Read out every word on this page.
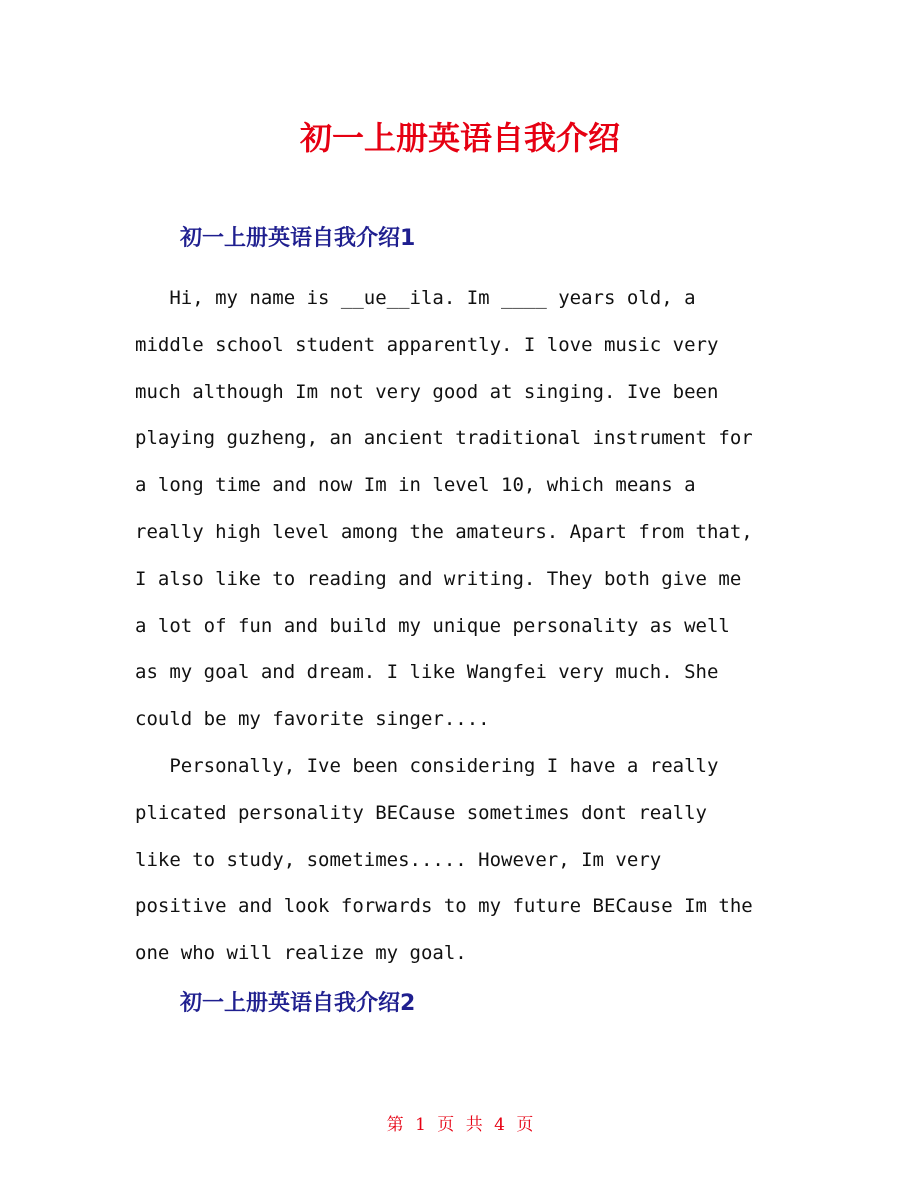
初一上册英语自我介绍
初一上册英语自我介绍1
Hi, my name is __ue__ila. Im ____ years old, a
middle school student apparently. I love music very
much although Im not very good at singing. Ive been
playing guzheng, an ancient traditional instrument for
a long time and now Im in level 10, which means a
really high level among the amateurs. Apart from that,
I also like to reading and writing. They both give me
a lot of fun and build my unique personality as well
as my goal and dream. I like Wangfei very much. She
could be my favorite singer....
Personally, Ive been considering I have a really
plicated personality BECause sometimes dont really
like to study, sometimes..... However, Im very
positive and look forwards to my future BECause Im the
one who will realize my goal.
初一上册英语自我介绍2
第 1 页 共 4 页
